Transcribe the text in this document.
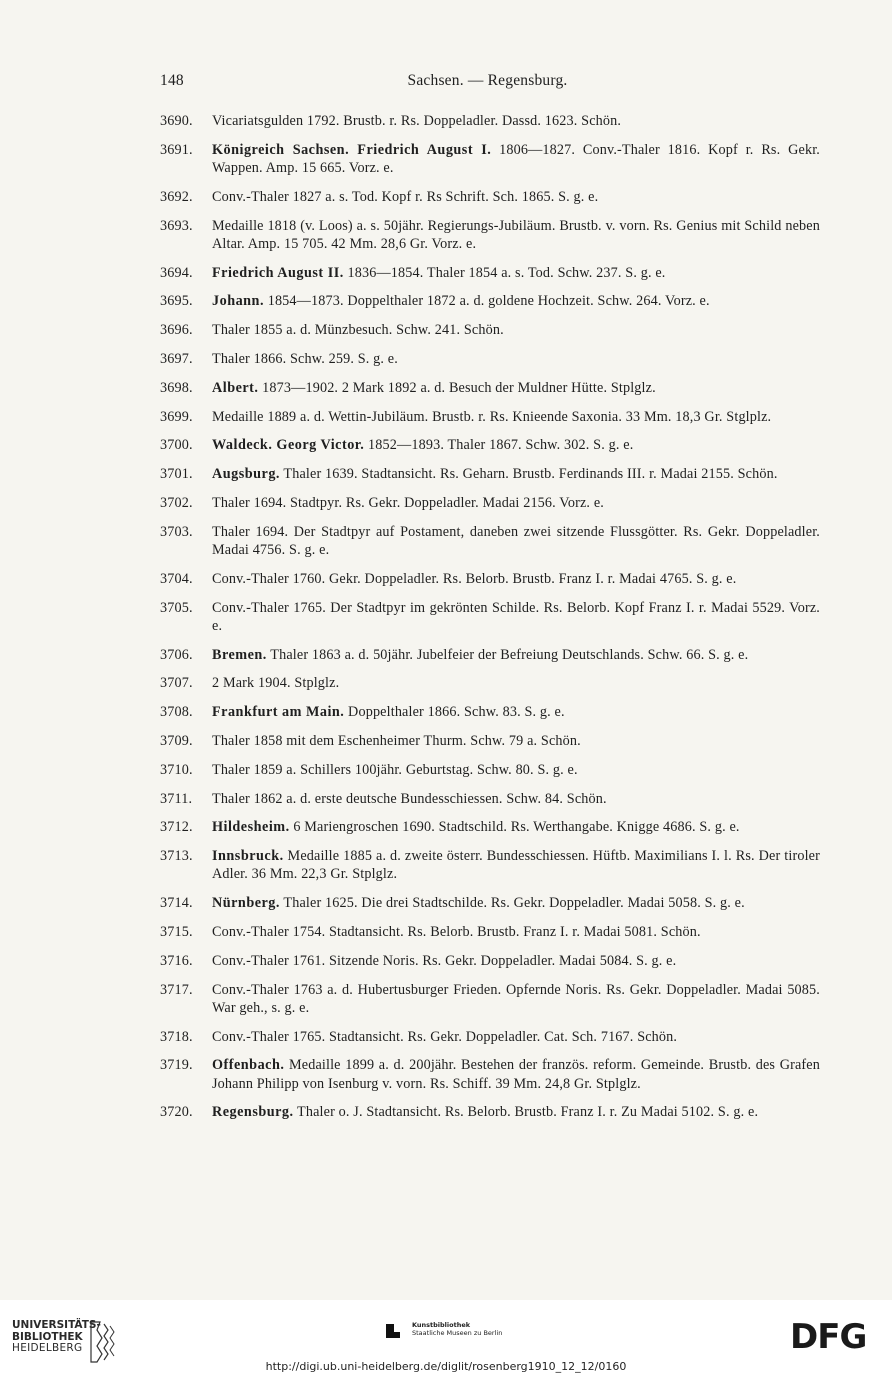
148	Sachsen. — Regensburg.
3690. Vicariatsgulden 1792. Brustb. r. Rs. Doppeladler. Dassd. 1623. Schön.
3691. Königreich Sachsen. Friedrich August I. 1806—1827. Conv.-Thaler 1816. Kopf r. Rs. Gekr. Wappen. Amp. 15 665. Vorz. e.
3692. Conv.-Thaler 1827 a. s. Tod. Kopf r. Rs Schrift. Sch. 1865. S. g. e.
3693. Medaille 1818 (v. Loos) a. s. 50jähr. Regierungs-Jubiläum. Brustb. v. vorn. Rs. Genius mit Schild neben Altar. Amp. 15 705. 42 Mm. 28,6 Gr. Vorz. e.
3694. Friedrich August II. 1836—1854. Thaler 1854 a. s. Tod. Schw. 237. S. g. e.
3695. Johann. 1854—1873. Doppelthaler 1872 a. d. goldene Hochzeit. Schw. 264. Vorz. e.
3696. Thaler 1855 a. d. Münzbesuch. Schw. 241. Schön.
3697. Thaler 1866. Schw. 259. S. g. e.
3698. Albert. 1873—1902. 2 Mark 1892 a. d. Besuch der Muldner Hütte. Stplglz.
3699. Medaille 1889 a. d. Wettin-Jubiläum. Brustb. r. Rs. Knieende Saxonia. 33 Mm. 18,3 Gr. Stglplz.
3700. Waldeck. Georg Victor. 1852—1893. Thaler 1867. Schw. 302. S. g. e.
3701. Augsburg. Thaler 1639. Stadtansicht. Rs. Geharn. Brustb. Ferdinands III. r. Madai 2155. Schön.
3702. Thaler 1694. Stadtpyr. Rs. Gekr. Doppeladler. Madai 2156. Vorz. e.
3703. Thaler 1694. Der Stadtpyr auf Postament, daneben zwei sitzende Flussgötter. Rs. Gekr. Doppeladler. Madai 4756. S. g. e.
3704. Conv.-Thaler 1760. Gekr. Doppeladler. Rs. Belorb. Brustb. Franz I. r. Madai 4765. S. g. e.
3705. Conv.-Thaler 1765. Der Stadtpyr im gekrönten Schilde. Rs. Belorb. Kopf Franz I. r. Madai 5529. Vorz. e.
3706. Bremen. Thaler 1863 a. d. 50jähr. Jubelfeier der Befreiung Deutschlands. Schw. 66. S. g. e.
3707. 2 Mark 1904. Stplglz.
3708. Frankfurt am Main. Doppelthaler 1866. Schw. 83. S. g. e.
3709. Thaler 1858 mit dem Eschenheimer Thurm. Schw. 79 a. Schön.
3710. Thaler 1859 a. Schillers 100jähr. Geburtstag. Schw. 80. S. g. e.
3711. Thaler 1862 a. d. erste deutsche Bundesschiessen. Schw. 84. Schön.
3712. Hildesheim. 6 Mariengroschen 1690. Stadtschild. Rs. Werthangabe. Knigge 4686. S. g. e.
3713. Innsbruck. Medaille 1885 a. d. zweite österr. Bundesschiessen. Hüftb. Maximilians I. l. Rs. Der tiroler Adler. 36 Mm. 22,3 Gr. Stplglz.
3714. Nürnberg. Thaler 1625. Die drei Stadtschilde. Rs. Gekr. Doppeladler. Madai 5058. S. g. e.
3715. Conv.-Thaler 1754. Stadtansicht. Rs. Belorb. Brustb. Franz I. r. Madai 5081. Schön.
3716. Conv.-Thaler 1761. Sitzende Noris. Rs. Gekr. Doppeladler. Madai 5084. S. g. e.
3717. Conv.-Thaler 1763 a. d. Hubertusburger Frieden. Opfernde Noris. Rs. Gekr. Doppeladler. Madai 5085. War geh., s. g. e.
3718. Conv.-Thaler 1765. Stadtansicht. Rs. Gekr. Doppeladler. Cat. Sch. 7167. Schön.
3719. Offenbach. Medaille 1899 a. d. 200jähr. Bestehen der französ. reform. Gemeinde. Brustb. des Grafen Johann Philipp von Isenburg v. vorn. Rs. Schiff. 39 Mm. 24,8 Gr. Stplglz.
3720. Regensburg. Thaler o. J. Stadtansicht. Rs. Belorb. Brustb. Franz I. r. Zu Madai 5102. S. g. e.
UNIVERSITÄTS-
BIBLIOTHEK
HEIDELBERG
Kunstbibliothek
Staatliche Museen zu Berlin	DFG
http://digi.ub.uni-heidelberg.de/diglit/rosenberg1910_12_12/0160
